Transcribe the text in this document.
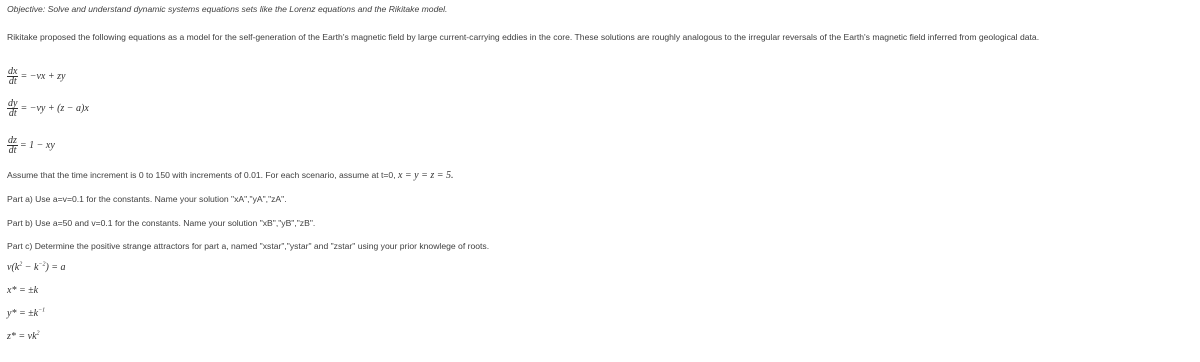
Objective: Solve and understand dynamic systems equations sets like the Lorenz equations and the Rikitake model.
Rikitake proposed the following equations as a model for the self-generation of the Earth's magnetic field by large current-carrying eddies in the core. These solutions are roughly analogous to the irregular reversals of the Earth's magnetic field inferred from geological data.
$\frac{dx}{dt} = -\nu x$ + zy
$\frac{dy}{dt} = -\nu y + (z - a)x$
$\frac{dz}{dt} = 1$ − xy
Assume that the time increment is 0 to 150 with increments of 0.01. For each scenario, assume at t=0, x = y = z = 5.
Part a) Use a=v=0.1 for the constants. Name your solution "xA","yA","zA".
Part b) Use a=50 and v=0.1 for the constants. Name your solution "xB","yB","zB".
Part c) Determine the positive strange attractors for part a, named "xstar","ystar" and "zstar" using your prior knowlege of roots.
$\nu(k^2 - k^{-2}) = a$
x* = ±k
$y* = \pm k^{-1}$
$z* = \nu k^2$
